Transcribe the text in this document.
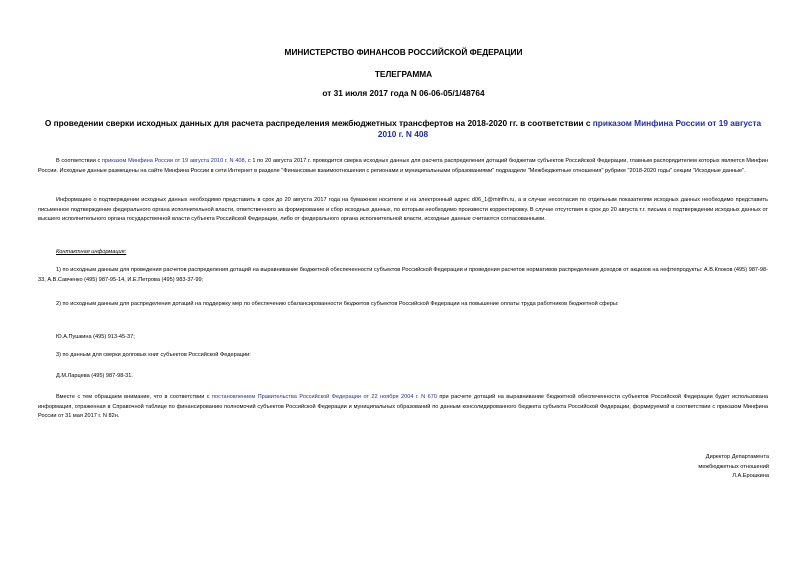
МИНИСТЕРСТВО ФИНАНСОВ РОССИЙСКОЙ ФЕДЕРАЦИИ
ТЕЛЕГРАММА
от 31 июля 2017 года N 06-06-05/1/48764
О проведении сверки исходных данных для расчета распределения межбюджетных трансфертов на 2018-2020 гг. в соответствии с приказом Минфина России от 19 августа 2010 г. N 408

В соответствии с приказом Минфина России от 19 августа 2010 г. N 408, с 1 по 20 августа 2017 г. проводится сверка исходных данных для расчета распределения дотаций бюджетам субъектов Российской Федерации, главным распорядителем которых является Минфин России. Исходные данные размещены на сайте Минфина России в сети Интернет в разделе "Финансовые взаимоотношения с регионами и муниципальными образованиями" подразделе "Межбюджетные отношения" рубрике "2018-2020 годы" секции "Исходные данные".

Информацию о подтверждении исходных данных необходимо представить в срок до 20 августа 2017 года на бумажном носителе и на электронный адрес d06_1@minfin.ru, а в случае несогласия по отдельным показателям исходных данных необходимо представить письменное подтверждение федерального органа исполнительной власти, ответственного за формирование и сбор исходных данных, по которым необходимо произвести корректировку. В случае отсутствия в срок до 20 августа т.г. письма о подтверждении исходных данных от высшего исполнительного органа государственной власти субъекта Российской Федерации, либо от федерального органа исполнительной власти, исходные данные считаются согласованными.

Контактная информация:

1) по исходным данным для проведения расчетов распределения дотаций на выравнивание бюджетной обеспеченности субъектов Российской Федерации и проведения расчетов нормативов распределения доходов от акцизов на нефтепродукты: А.В.Кпоков (495) 987-98-33, А.В.Савченко (495) 987-95-14, И.Е.Петрова (495) 983-37-99;

2) по исходным данным для распределения дотаций на поддержку мер по обеспечению сбалансированности бюджетов субъектов Российской Федерации на повышение оплаты труда работников бюджетной сферы:

Ю.А.Пушкина (495) 913-45-37;

3) по данным для сверки долговых книг субъектов Российской Федерации:

Д.М.Ларцева (495) 987-98-31.

Вместе с тем обращаем внимание, что в соответствии с постановлением Правительства Российской Федерации от 22 ноября 2004 г. N 670 при расчете дотаций на выравнивание бюджетной обеспеченности субъектов Российской Федерации будет использована информация, отраженная в Справочной таблице по финансированию полномочий субъектов Российской Федерации и муниципальных образований по данным консолидированного бюджета субъекта Российской Федерации, формируемой в соответствии с приказом Минфина России от 31 мая 2017 г. N 82н.

Директор Департамента
межбюджетных отношений
Л.А.Ерошкина
